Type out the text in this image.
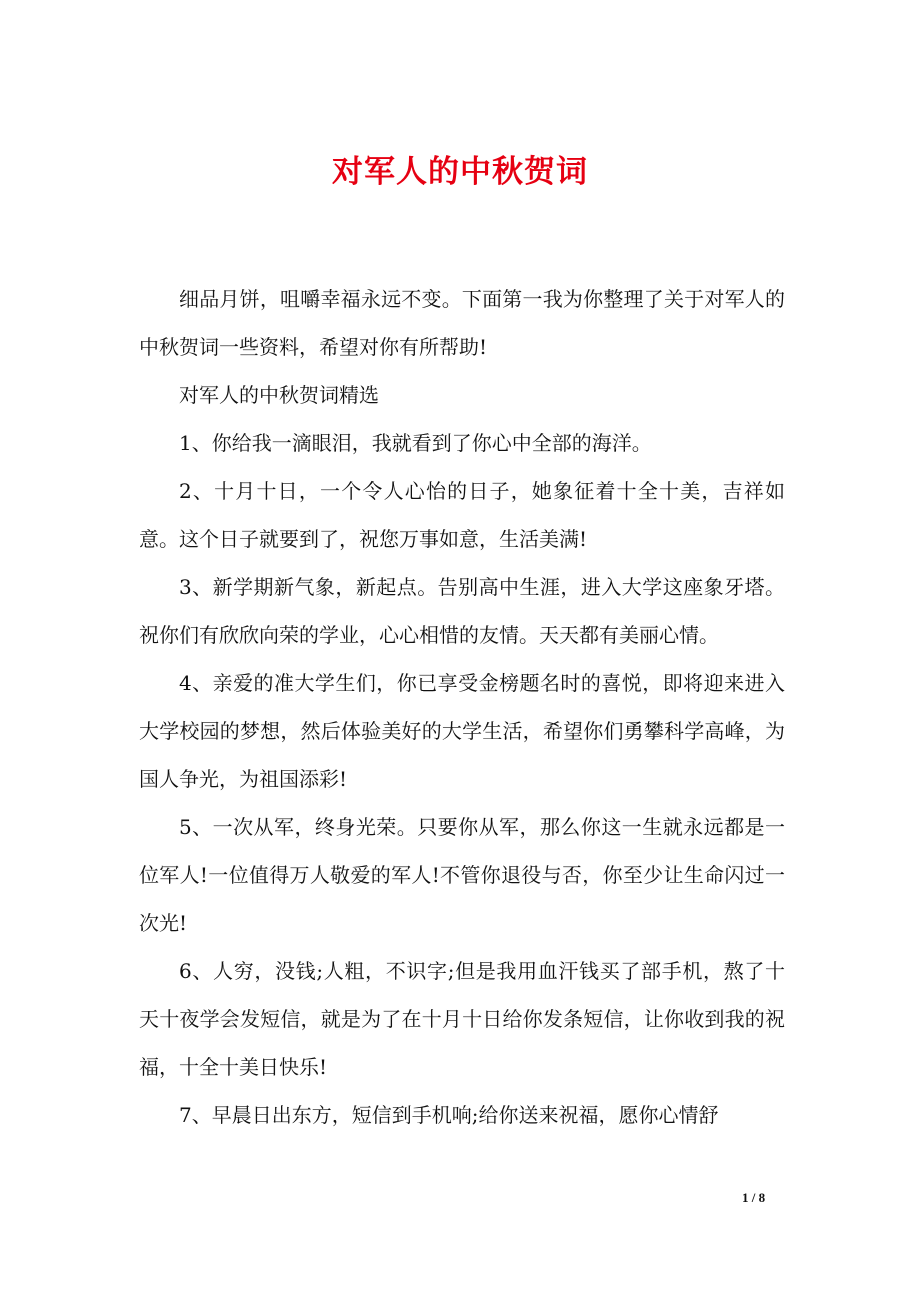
对军人的中秋贺词

细品月饼，咀嚼幸福永远不变。下面第一我为你整理了关于对军人的中秋贺词一些资料，希望对你有所帮助!

对军人的中秋贺词精选

1、你给我一滴眼泪，我就看到了你心中全部的海洋。

2、十月十日，一个令人心怡的日子，她象征着十全十美，吉祥如意。这个日子就要到了，祝您万事如意，生活美满!

3、新学期新气象，新起点。告别高中生涯，进入大学这座象牙塔。祝你们有欣欣向荣的学业，心心相惜的友情。天天都有美丽心情。

4、亲爱的准大学生们，你已享受金榜题名时的喜悦，即将迎来进入大学校园的梦想，然后体验美好的大学生活，希望你们勇攀科学高峰，为国人争光，为祖国添彩!

5、一次从军，终身光荣。只要你从军，那么你这一生就永远都是一位军人!一位值得万人敬爱的军人!不管你退役与否，你至少让生命闪过一次光!

6、人穷，没钱;人粗，不识字;但是我用血汗钱买了部手机，熬了十天十夜学会发短信，就是为了在十月十日给你发条短信，让你收到我的祝福，十全十美日快乐!

7、早晨日出东方，短信到手机响;给你送来祝福，愿你心情舒

1 / 8
